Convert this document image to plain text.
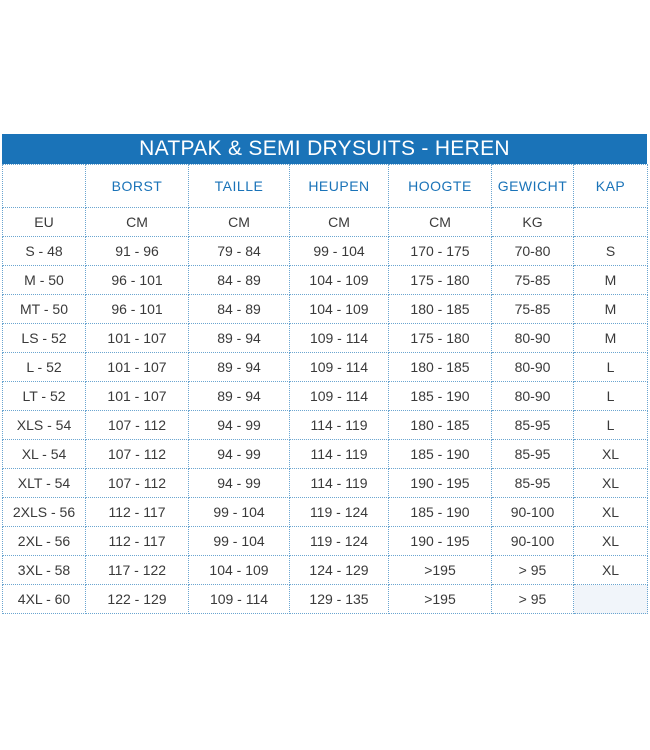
NATPAK & SEMI DRYSUITS - HEREN
	BORST	TAILLE	HEUPEN	HOOGTE	GEWICHT	KAP
EU	CM	CM	CM	CM	KG	
S - 48	91 - 96	79 - 84	99 - 104	170 - 175	70-80	S
M - 50	96 - 101	84 - 89	104 - 109	175 - 180	75-85	M
MT - 50	96 - 101	84 - 89	104 - 109	180 - 185	75-85	M
LS - 52	101 - 107	89 - 94	109 - 114	175 - 180	80-90	M
L - 52	101 - 107	89 - 94	109 - 114	180 - 185	80-90	L
LT - 52	101 - 107	89 - 94	109 - 114	185 - 190	80-90	L
XLS - 54	107 - 112	94 - 99	114 - 119	180 - 185	85-95	L
XL - 54	107 - 112	94 - 99	114 - 119	185 - 190	85-95	XL
XLT - 54	107 - 112	94 - 99	114 - 119	190 - 195	85-95	XL
2XLS - 56	112 - 117	99 - 104	119 - 124	185 - 190	90-100	XL
2XL - 56	112 - 117	99 - 104	119 - 124	190 - 195	90-100	XL
3XL - 58	117 - 122	104 - 109	124 - 129	>195	> 95	XL
4XL - 60	122 - 129	109 - 114	129 - 135	>195	> 95	
